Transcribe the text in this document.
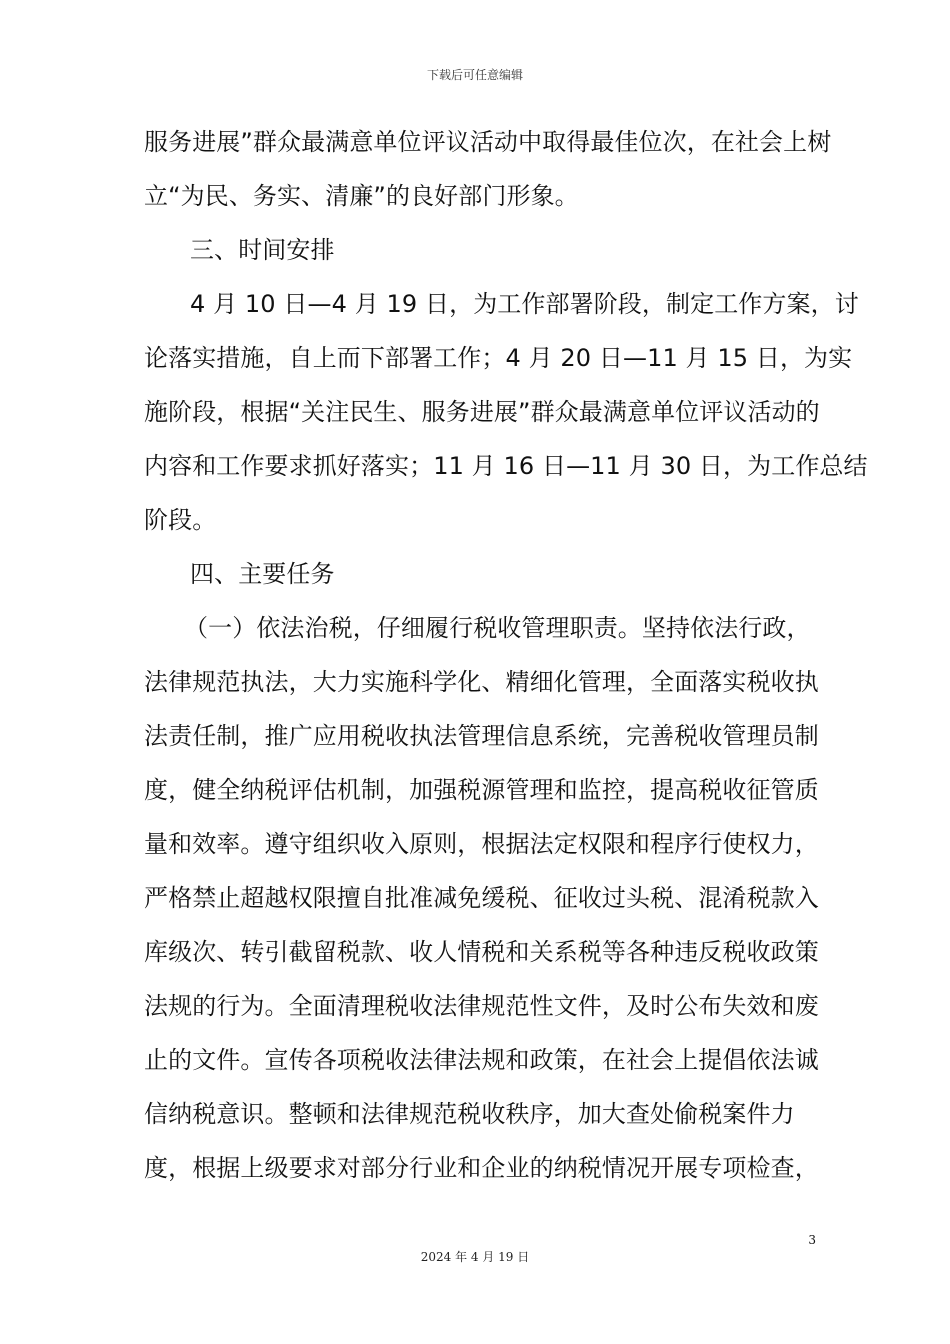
下载后可任意编辑
服务进展”群众最满意单位评议活动中取得最佳位次，在社会上树
立“为民、务实、清廉”的良好部门形象。
三、时间安排
4 月 10 日—4 月 19 日，为工作部署阶段，制定工作方案，讨
论落实措施，自上而下部署工作；4 月 20 日—11 月 15 日，为实
施阶段，根据“关注民生、服务进展”群众最满意单位评议活动的
内容和工作要求抓好落实；11 月 16 日—11 月 30 日，为工作总结
阶段。
四、主要任务
（一）依法治税，仔细履行税收管理职责。坚持依法行政，
法律规范执法，大力实施科学化、精细化管理，全面落实税收执
法责任制，推广应用税收执法管理信息系统，完善税收管理员制
度，健全纳税评估机制，加强税源管理和监控，提高税收征管质
量和效率。遵守组织收入原则，根据法定权限和程序行使权力，
严格禁止超越权限擅自批准减免缓税、征收过头税、混淆税款入
库级次、转引截留税款、收人情税和关系税等各种违反税收政策
法规的行为。全面清理税收法律规范性文件，及时公布失效和废
止的文件。宣传各项税收法律法规和政策，在社会上提倡依法诚
信纳税意识。整顿和法律规范税收秩序，加大查处偷税案件力
度，根据上级要求对部分行业和企业的纳税情况开展专项检查，
3
2024 年 4 月 19 日
